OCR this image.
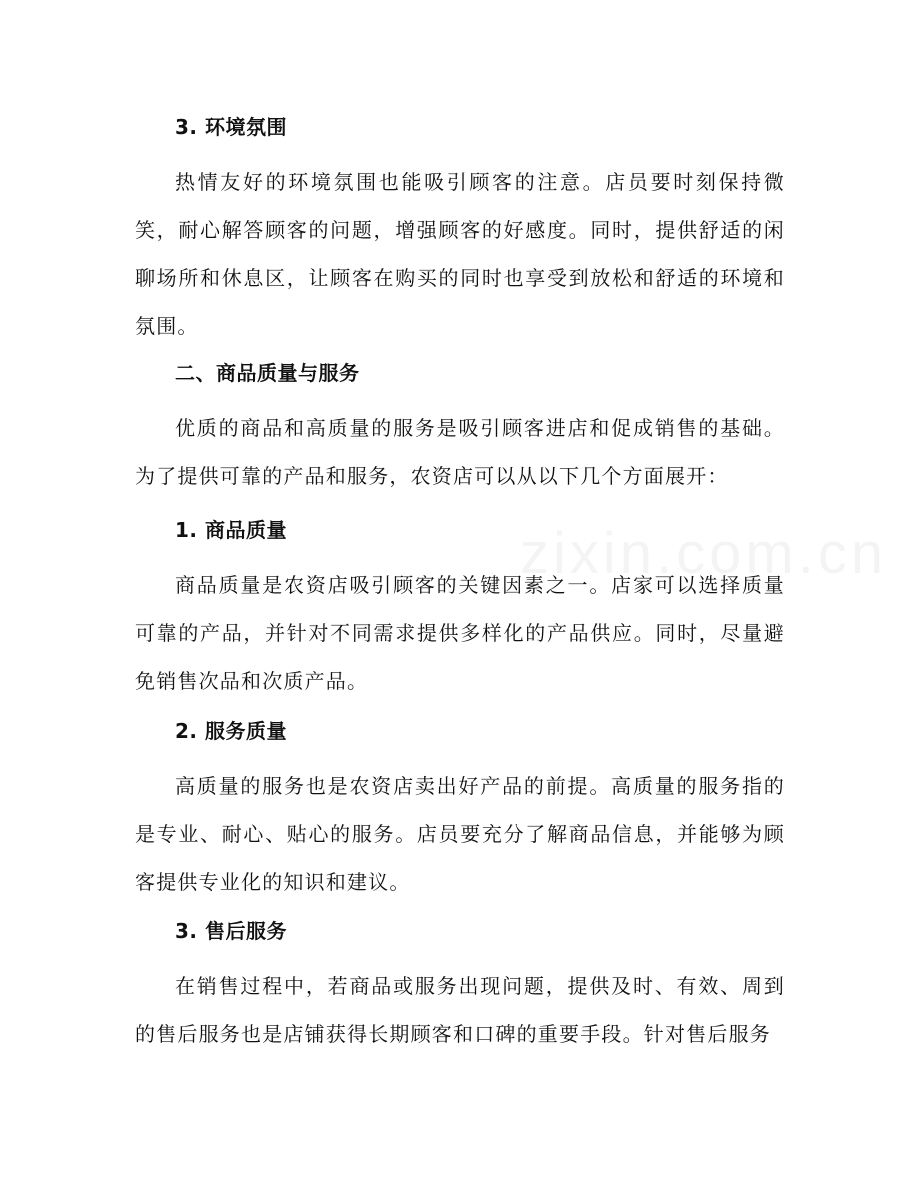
3. 环境氛围

热情友好的环境氛围也能吸引顾客的注意。店员要时刻保持微笑，耐心解答顾客的问题，增强顾客的好感度。同时，提供舒适的闲聊场所和休息区，让顾客在购买的同时也享受到放松和舒适的环境和氛围。

二、商品质量与服务

优质的商品和高质量的服务是吸引顾客进店和促成销售的基础。为了提供可靠的产品和服务，农资店可以从以下几个方面展开：

1. 商品质量

商品质量是农资店吸引顾客的关键因素之一。店家可以选择质量可靠的产品，并针对不同需求提供多样化的产品供应。同时，尽量避免销售次品和次质产品。

2. 服务质量

高质量的服务也是农资店卖出好产品的前提。高质量的服务指的是专业、耐心、贴心的服务。店员要充分了解商品信息，并能够为顾客提供专业化的知识和建议。

3. 售后服务

在销售过程中，若商品或服务出现问题，提供及时、有效、周到的售后服务也是店铺获得长期顾客和口碑的重要手段。针对售后服务
